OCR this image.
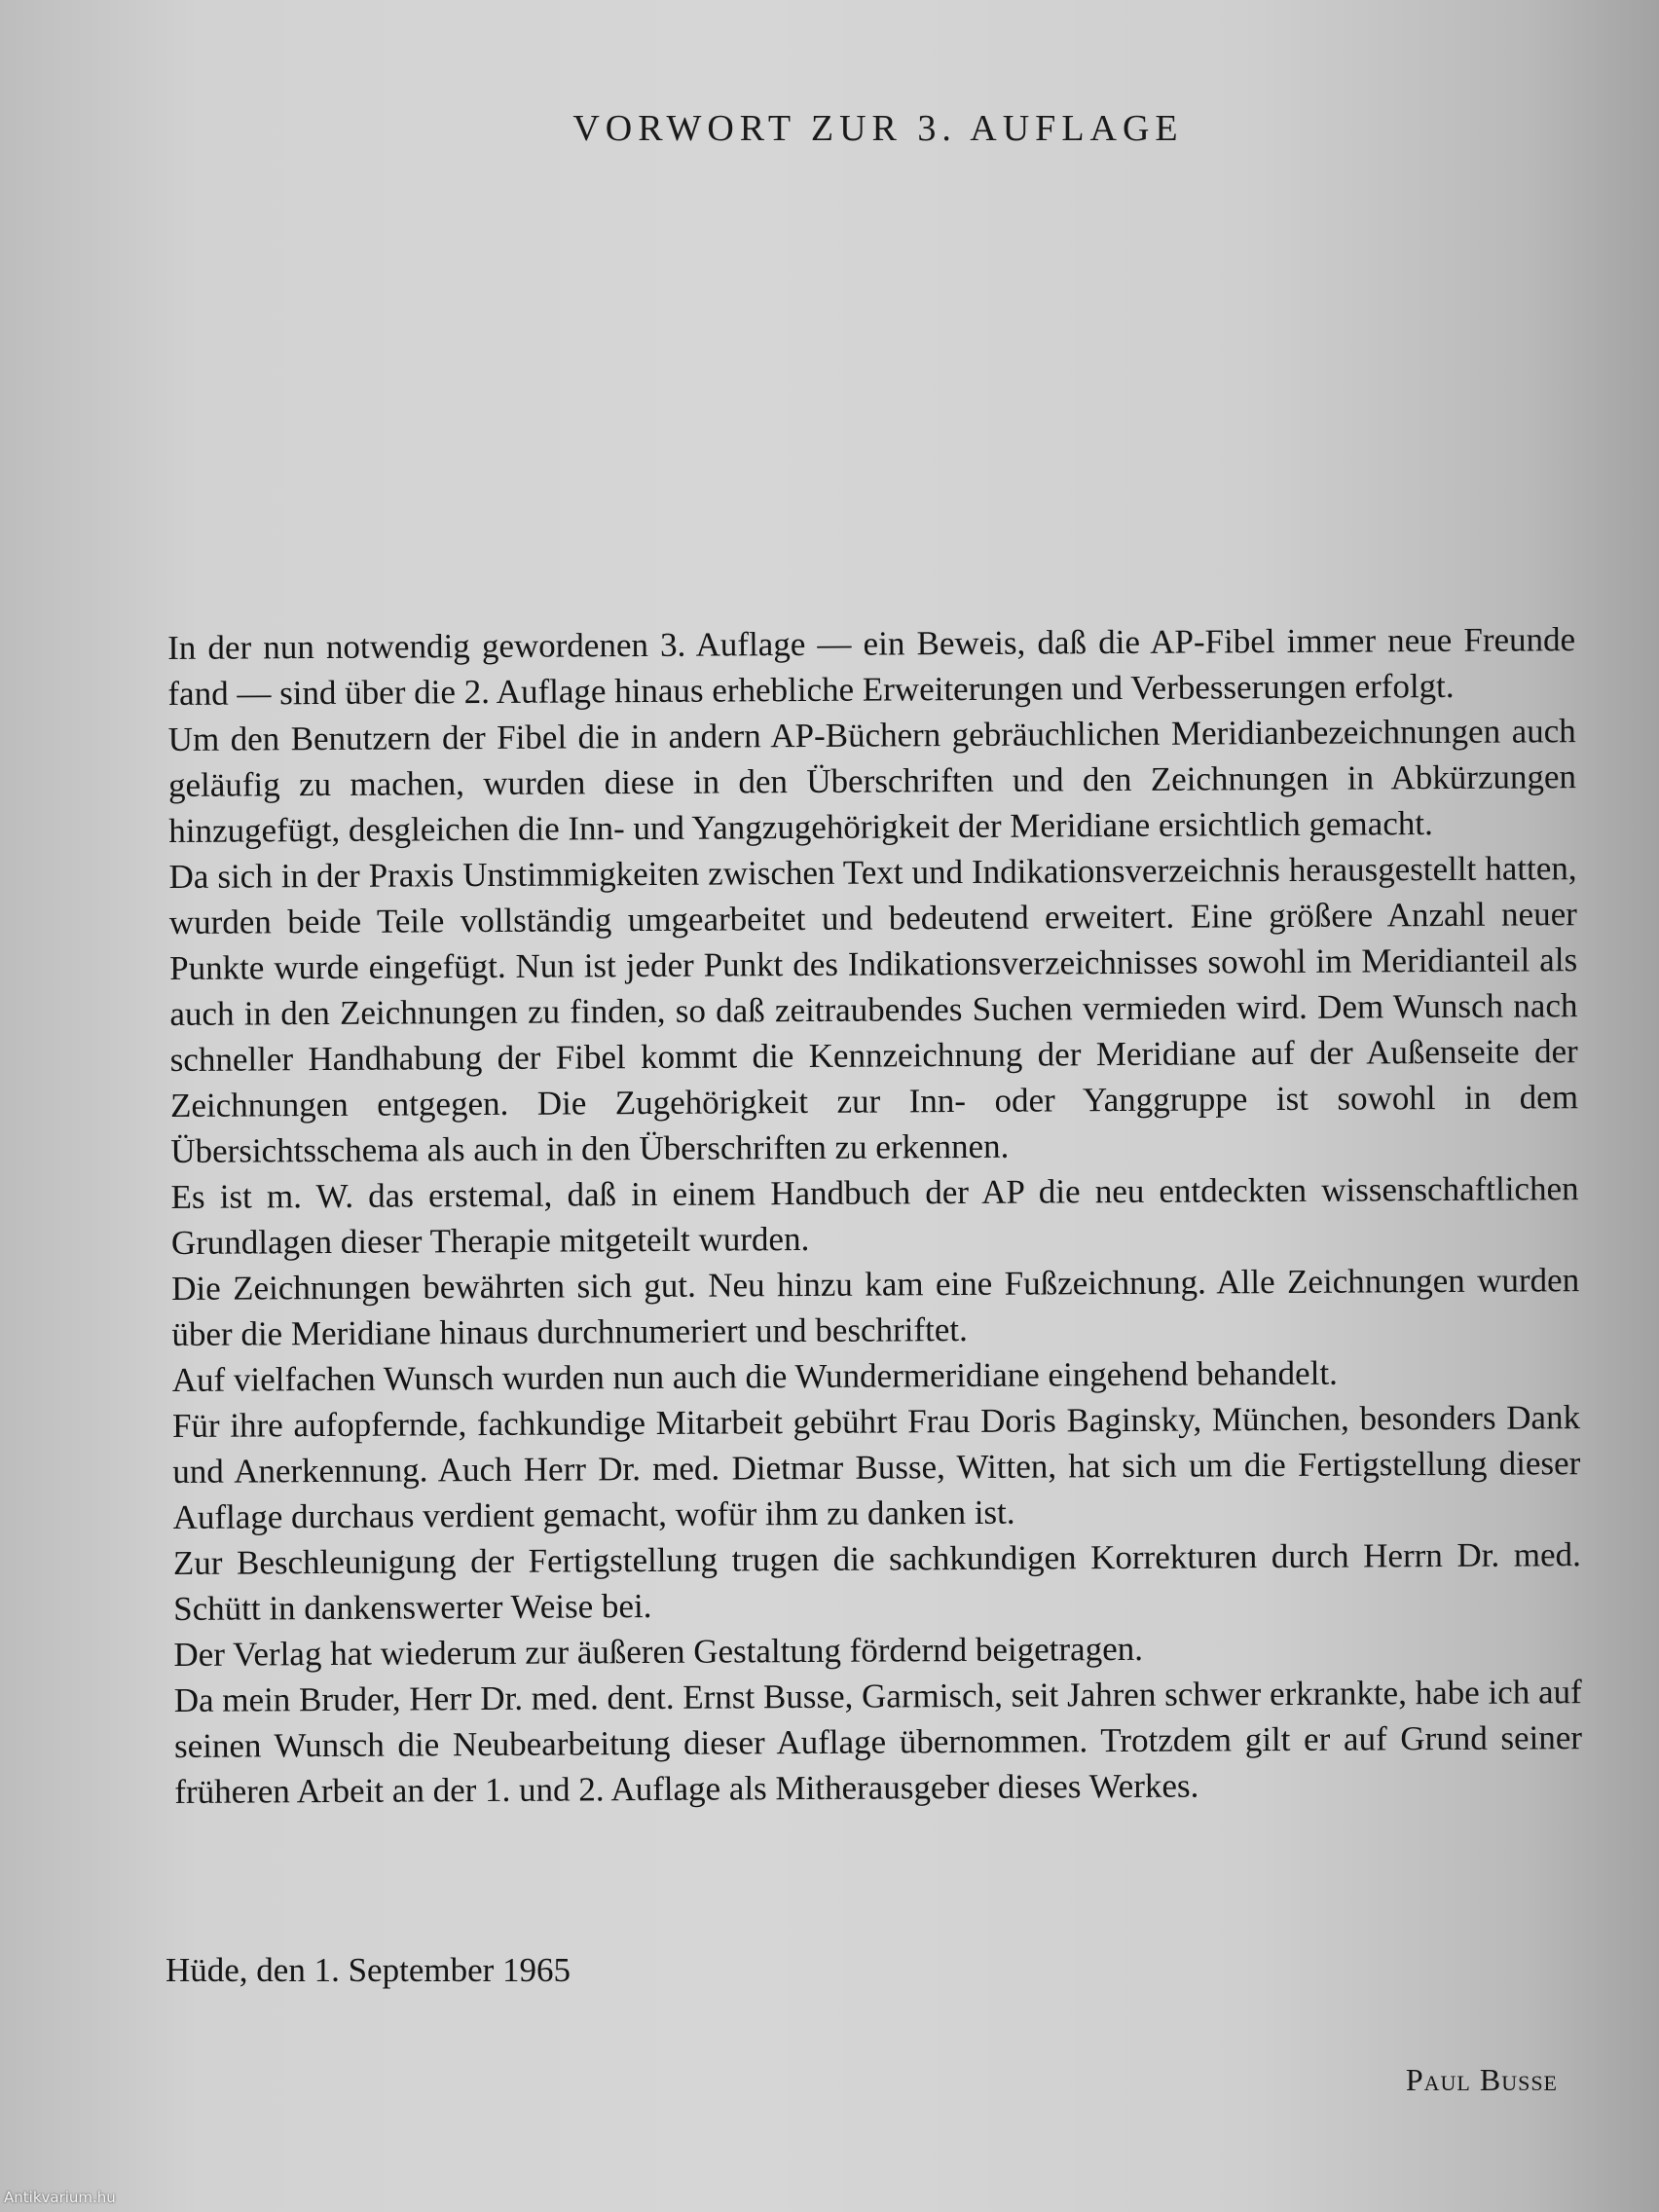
VORWORT ZUR 3. AUFLAGE

In der nun notwendig gewordenen 3. Auflage — ein Beweis, daß die AP-Fibel immer neue Freunde fand — sind über die 2. Auflage hinaus erhebliche Erweiterungen und Verbesserungen erfolgt.

Um den Benutzern der Fibel die in andern AP-Büchern gebräuchlichen Meridianbezeichnungen auch geläufig zu machen, wurden diese in den Überschriften und den Zeichnungen in Abkürzungen hinzugefügt, desgleichen die Inn- und Yangzugehörigkeit der Meridiane ersichtlich gemacht.

Da sich in der Praxis Unstimmigkeiten zwischen Text und Indikationsverzeichnis herausgestellt hatten, wurden beide Teile vollständig umgearbeitet und bedeutend erweitert. Eine größere Anzahl neuer Punkte wurde eingefügt. Nun ist jeder Punkt des Indikationsverzeichnisses sowohl im Meridianteil als auch in den Zeichnungen zu finden, so daß zeitraubendes Suchen vermieden wird. Dem Wunsch nach schneller Handhabung der Fibel kommt die Kennzeichnung der Meridiane auf der Außenseite der Zeichnungen entgegen. Die Zugehörigkeit zur Inn- oder Yanggruppe ist sowohl in dem Übersichtsschema als auch in den Überschriften zu erkennen.

Es ist m. W. das erstemal, daß in einem Handbuch der AP die neu entdeckten wissenschaftlichen Grundlagen dieser Therapie mitgeteilt wurden.

Die Zeichnungen bewährten sich gut. Neu hinzu kam eine Fußzeichnung. Alle Zeichnungen wurden über die Meridiane hinaus durchnumeriert und beschriftet.

Auf vielfachen Wunsch wurden nun auch die Wundermeridiane eingehend behandelt.

Für ihre aufopfernde, fachkundige Mitarbeit gebührt Frau Doris Baginsky, München, besonders Dank und Anerkennung. Auch Herr Dr. med. Dietmar Busse, Witten, hat sich um die Fertigstellung dieser Auflage durchaus verdient gemacht, wofür ihm zu danken ist.

Zur Beschleunigung der Fertigstellung trugen die sachkundigen Korrekturen durch Herrn Dr. med. Schütt in dankenswerter Weise bei.

Der Verlag hat wiederum zur äußeren Gestaltung fördernd beigetragen.

Da mein Bruder, Herr Dr. med. dent. Ernst Busse, Garmisch, seit Jahren schwer erkrankte, habe ich auf seinen Wunsch die Neubearbeitung dieser Auflage übernommen. Trotzdem gilt er auf Grund seiner früheren Arbeit an der 1. und 2. Auflage als Mitherausgeber dieses Werkes.

Hüde, den 1. September 1965

Paul Busse

Antikvarium.hu
